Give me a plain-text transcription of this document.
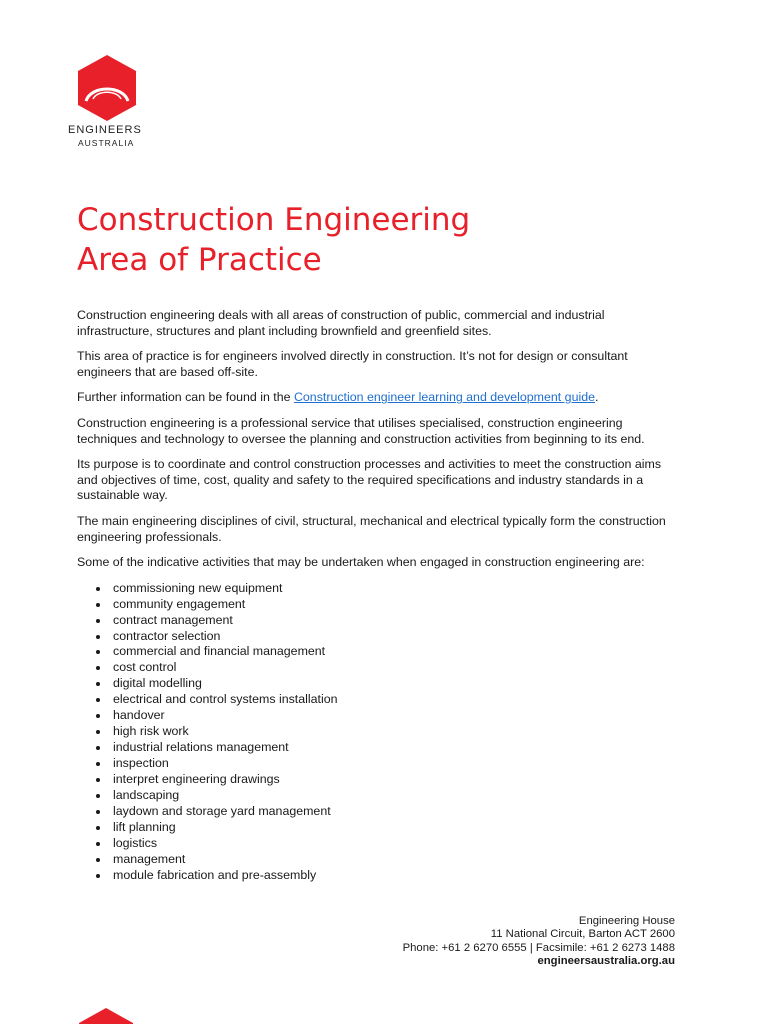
ENGINEERS
AUSTRALIA
Construction Engineering
Area of Practice

Construction engineering deals with all areas of construction of public, commercial and industrial infrastructure, structures and plant including brownfield and greenfield sites.

This area of practice is for engineers involved directly in construction. It’s not for design or consultant engineers that are based off-site.

Further information can be found in the Construction engineer learning and development guide.

Construction engineering is a professional service that utilises specialised, construction engineering techniques and technology to oversee the planning and construction activities from beginning to its end.

Its purpose is to coordinate and control construction processes and activities to meet the construction aims and objectives of time, cost, quality and safety to the required specifications and industry standards in a sustainable way.

The main engineering disciplines of civil, structural, mechanical and electrical typically form the construction engineering professionals.

Some of the indicative activities that may be undertaken when engaged in construction engineering are:

commissioning new equipment
community engagement
contract management
contractor selection
commercial and financial management
cost control
digital modelling
electrical and control systems installation
handover
high risk work
industrial relations management
inspection
interpret engineering drawings
landscaping
laydown and storage yard management
lift planning
logistics
management
module fabrication and pre-assembly
Engineering House
11 National Circuit, Barton ACT 2600
Phone: +61 2 6270 6555 | Facsimile: +61 2 6273 1488
engineersaustralia.org.au
